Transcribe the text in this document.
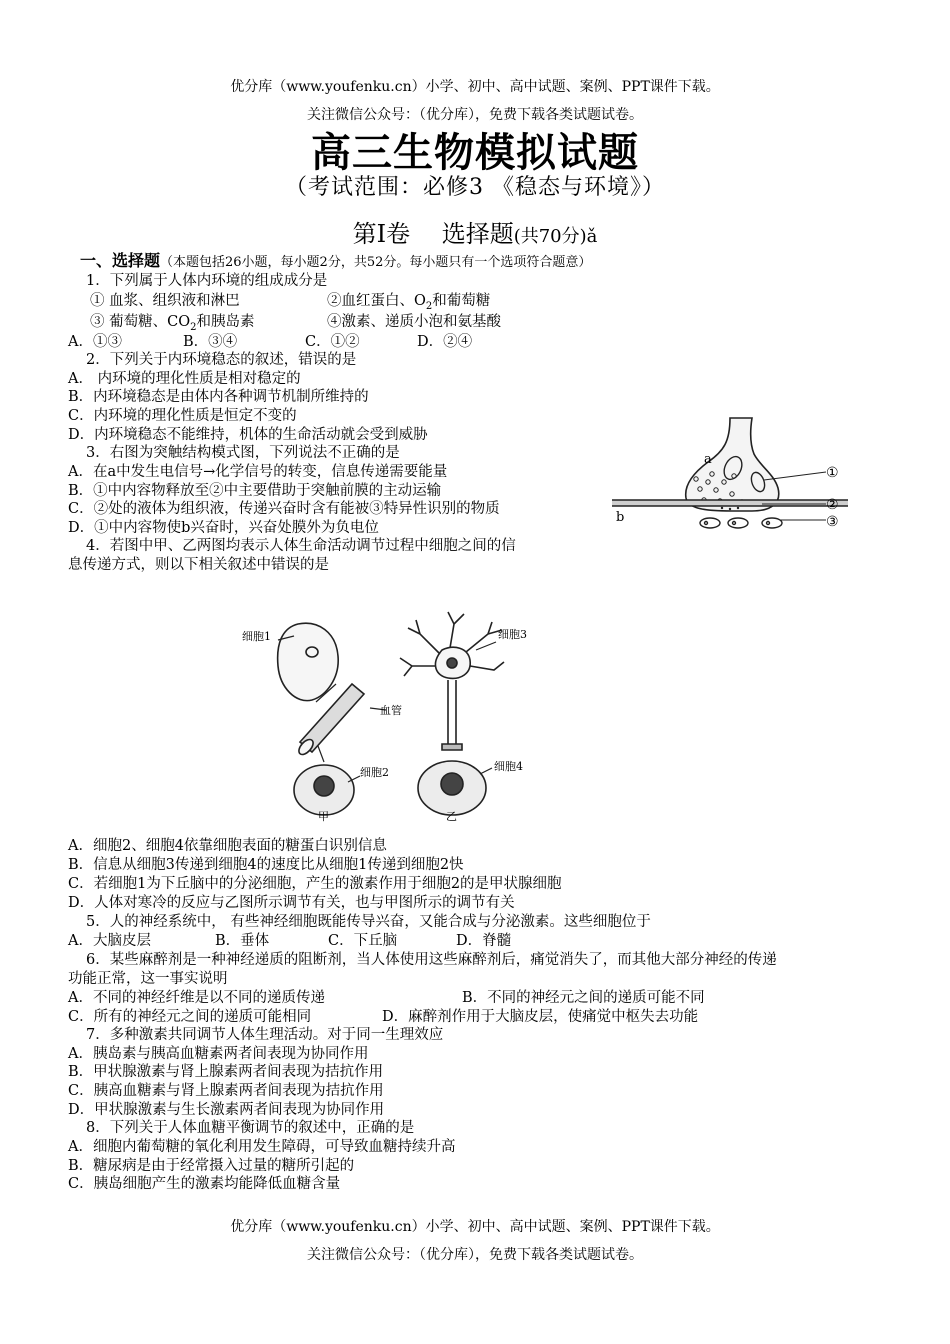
优分库（www.youfenku.cn）小学、初中、高中试题、案例、PPT课件下载。
关注微信公众号：（优分库），免费下载各类试题试卷。
高三生物模拟试题
（考试范围：必修3 《稳态与环境》）
第Ⅰ卷　 选择题(共70分)ǎ
一、选择题（本题包括26小题，每小题2分，共52分。每小题只有一个选项符合题意）
1．下列属于人体内环境的组成成分是
① 血浆、组织液和淋巴	②血红蛋白、$O_2$和葡萄糖
③ 葡萄糖、$CO_2$和胰岛素	④激素、递质小泡和氨基酸
A．①③	B．③④	C．①②	D．②④
2．下列关于内环境稳态的叙述，错误的是
A． 内环境的理化性质是相对稳定的
B．内环境稳态是由体内各种调节机制所维持的
C．内环境的理化性质是恒定不变的
D．内环境稳态不能维持，机体的生命活动就会受到威胁
3．右图为突触结构模式图，下列说法不正确的是
A．在a中发生电信号→化学信号的转变，信息传递需要能量
B．①中内容物释放至②中主要借助于突触前膜的主动运输
C．②处的液体为组织液，传递兴奋时含有能被③特异性识别的物质
D．①中内容物使b兴奋时，兴奋处膜外为负电位
a
b
①
②
③
4．若图中甲、乙两图均表示人体生命活动调节过程中细胞之间的信
息传递方式，则以下相关叙述中错误的是
细胞1
血管
细胞2
细胞3
细胞4
甲	乙
A．细胞2、细胞4依靠细胞表面的糖蛋白识别信息
B．信息从细胞3传递到细胞4的速度比从细胞1传递到细胞2快
C．若细胞1为下丘脑中的分泌细胞，产生的激素作用于细胞2的是甲状腺细胞
D．人体对寒冷的反应与乙图所示调节有关，也与甲图所示的调节有关
5．人的神经系统中， 有些神经细胞既能传导兴奋，又能合成与分泌激素。这些细胞位于
A．大脑皮层	B．垂体	C．下丘脑	D．脊髓
6．某些麻醉剂是一种神经递质的阻断剂，当人体使用这些麻醉剂后，痛觉消失了，而其他大部分神经的传递
功能正常，这一事实说明
A．不同的神经纤维是以不同的递质传递	B．不同的神经元之间的递质可能不同
C．所有的神经元之间的递质可能相同	D．麻醉剂作用于大脑皮层，使痛觉中枢失去功能
7．多种激素共同调节人体生理活动。对于同一生理效应
A．胰岛素与胰高血糖素两者间表现为协同作用
B．甲状腺激素与肾上腺素两者间表现为拮抗作用
C．胰高血糖素与肾上腺素两者间表现为拮抗作用
D．甲状腺激素与生长激素两者间表现为协同作用
8．下列关于人体血糖平衡调节的叙述中，正确的是
A．细胞内葡萄糖的氧化利用发生障碍，可导致血糖持续升高
B．糖尿病是由于经常摄入过量的糖所引起的
C．胰岛细胞产生的激素均能降低血糖含量
优分库（www.youfenku.cn）小学、初中、高中试题、案例、PPT课件下载。
关注微信公众号：（优分库），免费下载各类试题试卷。
